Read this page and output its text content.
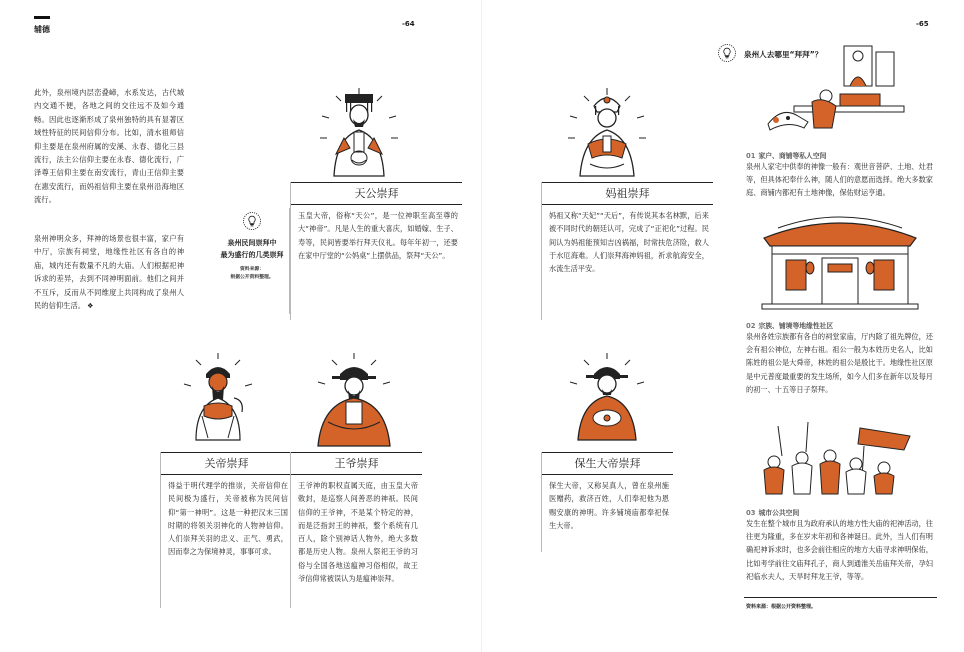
辅德
-64
此外，泉州境内层峦叠嶂，水系发达，古代城内交通不便，各地之间的交往远不及如今通畅。因此也逐渐形成了泉州独特的具有显著区域性特征的民间信仰分布。比如，清水祖师信仰主要是在泉州府属的安溪、永春、德化三县流行，法主公信仰主要在永春、德化流行，广泽尊王信仰主要在南安流行，青山王信仰主要在惠安流行，而妈祖信仰主要在泉州沿海地区流行。
泉州神明众多，拜神的场景也很丰富，家户有中厅，宗族有祠堂，地缘性社区有各自的神庙，城内还有数量不凡的大庙。人们根据祀神诉求的差异，去到不同神明面前。他们之间并不互斥，反而从不同维度上共同构成了泉州人民的信仰生活。 ❖
泉州民间崇拜中
最为盛行的几类崇拜
资料来源：
根据公开资料整理。
天公崇拜
玉皇大帝，俗称“天公”，是一位神职至高至尊的大“神帝”。凡是人生的重大喜庆，如婚嫁、生子、寿等，民间皆要举行拜天仪礼。每年年初一，还要在家中厅堂的“公妈桌”上摆供品，祭拜“天公”。
妈祖崇拜
妈祖又称“天妃”“天后”，有传说其本名林默，后来被不同时代的朝廷认可，完成了“正祀化”过程。民间认为妈祖能预知吉凶祸福，时常扶危济险，救人于水厄海难。人们崇拜海神妈祖，祈求航海安全，水流生活平安。
关帝崇拜
得益于明代理学的推崇，关帝信仰在民间极为盛行，关帝被称为民间信仰“第一神明”。这是一种把汉末三国时期的将领关羽神化的人物神信仰。人们崇拜关羽的忠义、正气、勇武，因而奉之为保境神灵，事事可求。
王爷崇拜
王爷神的职权直属天庭，由玉皇大帝敕封，是巡察人间善恶的神祇。民间信仰的王爷神，不是某个特定的神，而是泛指封王的神祇，整个系统有几百人，除个别神话人物外，绝大多数都是历史人物。泉州人祭祀王爷的习俗与全国各地送瘟神习俗相似，故王爷信仰常被误认为是瘟神崇拜。
保生大帝崇拜
保生大帝，又称吴真人，曾在泉州施医赠药，救济百姓，人们奉祀他为恩赐安康的神明。许多铺境庙都奉祀保生大帝。
-65
泉州人去哪里“拜拜”？
01 家户、商铺等私人空间
泉州人家宅中供奉的神像一般有：观世音菩萨、土地、灶君等，但具体祀奉什么神，随人们的意愿而选择。绝大多数家庭、商铺内都祀有土地神像，保佑财运亨通。
02 宗族、铺境等地缘性社区
泉州各姓宗族都有各自的祠堂家庙，厅内除了祖先牌位，还会有祖公神位，左神右祖。祖公一般为本姓历史名人，比如陈姓的祖公是大舜帝，林姓的祖公是殷比干。地缘性社区原是中元普度最重要的发生场所，如今人们多在新年以及每月的初一、十五等日子祭拜。
03 城市公共空间
发生在整个城市且为政府承认的地方性大庙的祀神活动，往往更为隆重，多在岁末年初和各神诞日。此外，当人们有明确祀神诉求时，也多会前往相应的地方大庙寻求神明保佑，比如考学前往文庙拜孔子，商人到通淮关岳庙拜关帝，孕妇祀临水夫人，天旱时拜龙王爷，等等。
资料来源：根据公开资料整理。
